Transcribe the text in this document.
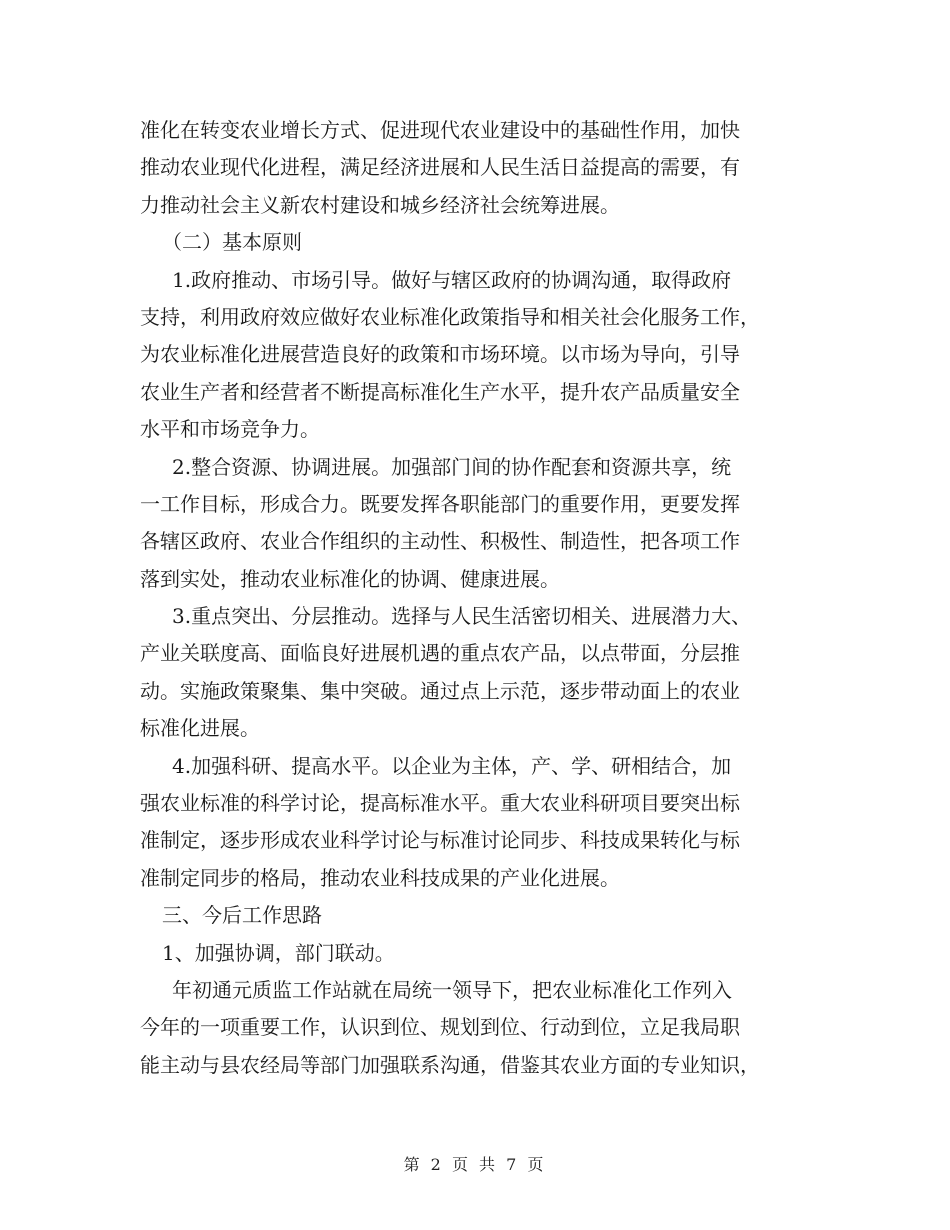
准化在转变农业增长方式、促进现代农业建设中的基础性作用，加快
推动农业现代化进程，满足经济进展和人民生活日益提高的需要，有
力推动社会主义新农村建设和城乡经济社会统筹进展。
（二）基本原则
1.政府推动、市场引导。做好与辖区政府的协调沟通，取得政府
支持，利用政府效应做好农业标准化政策指导和相关社会化服务工作，
为农业标准化进展营造良好的政策和市场环境。以市场为导向，引导
农业生产者和经营者不断提高标准化生产水平，提升农产品质量安全
水平和市场竞争力。
2.整合资源、协调进展。加强部门间的协作配套和资源共享，统
一工作目标，形成合力。既要发挥各职能部门的重要作用，更要发挥
各辖区政府、农业合作组织的主动性、积极性、制造性，把各项工作
落到实处，推动农业标准化的协调、健康进展。
3.重点突出、分层推动。选择与人民生活密切相关、进展潜力大、
产业关联度高、面临良好进展机遇的重点农产品，以点带面，分层推
动。实施政策聚集、集中突破。通过点上示范，逐步带动面上的农业
标准化进展。
4.加强科研、提高水平。以企业为主体，产、学、研相结合，加
强农业标准的科学讨论，提高标准水平。重大农业科研项目要突出标
准制定，逐步形成农业科学讨论与标准讨论同步、科技成果转化与标
准制定同步的格局，推动农业科技成果的产业化进展。
三、今后工作思路
1、加强协调，部门联动。
年初通元质监工作站就在局统一领导下，把农业标准化工作列入
今年的一项重要工作，认识到位、规划到位、行动到位，立足我局职
能主动与县农经局等部门加强联系沟通，借鉴其农业方面的专业知识，
第 2 页 共 7 页
